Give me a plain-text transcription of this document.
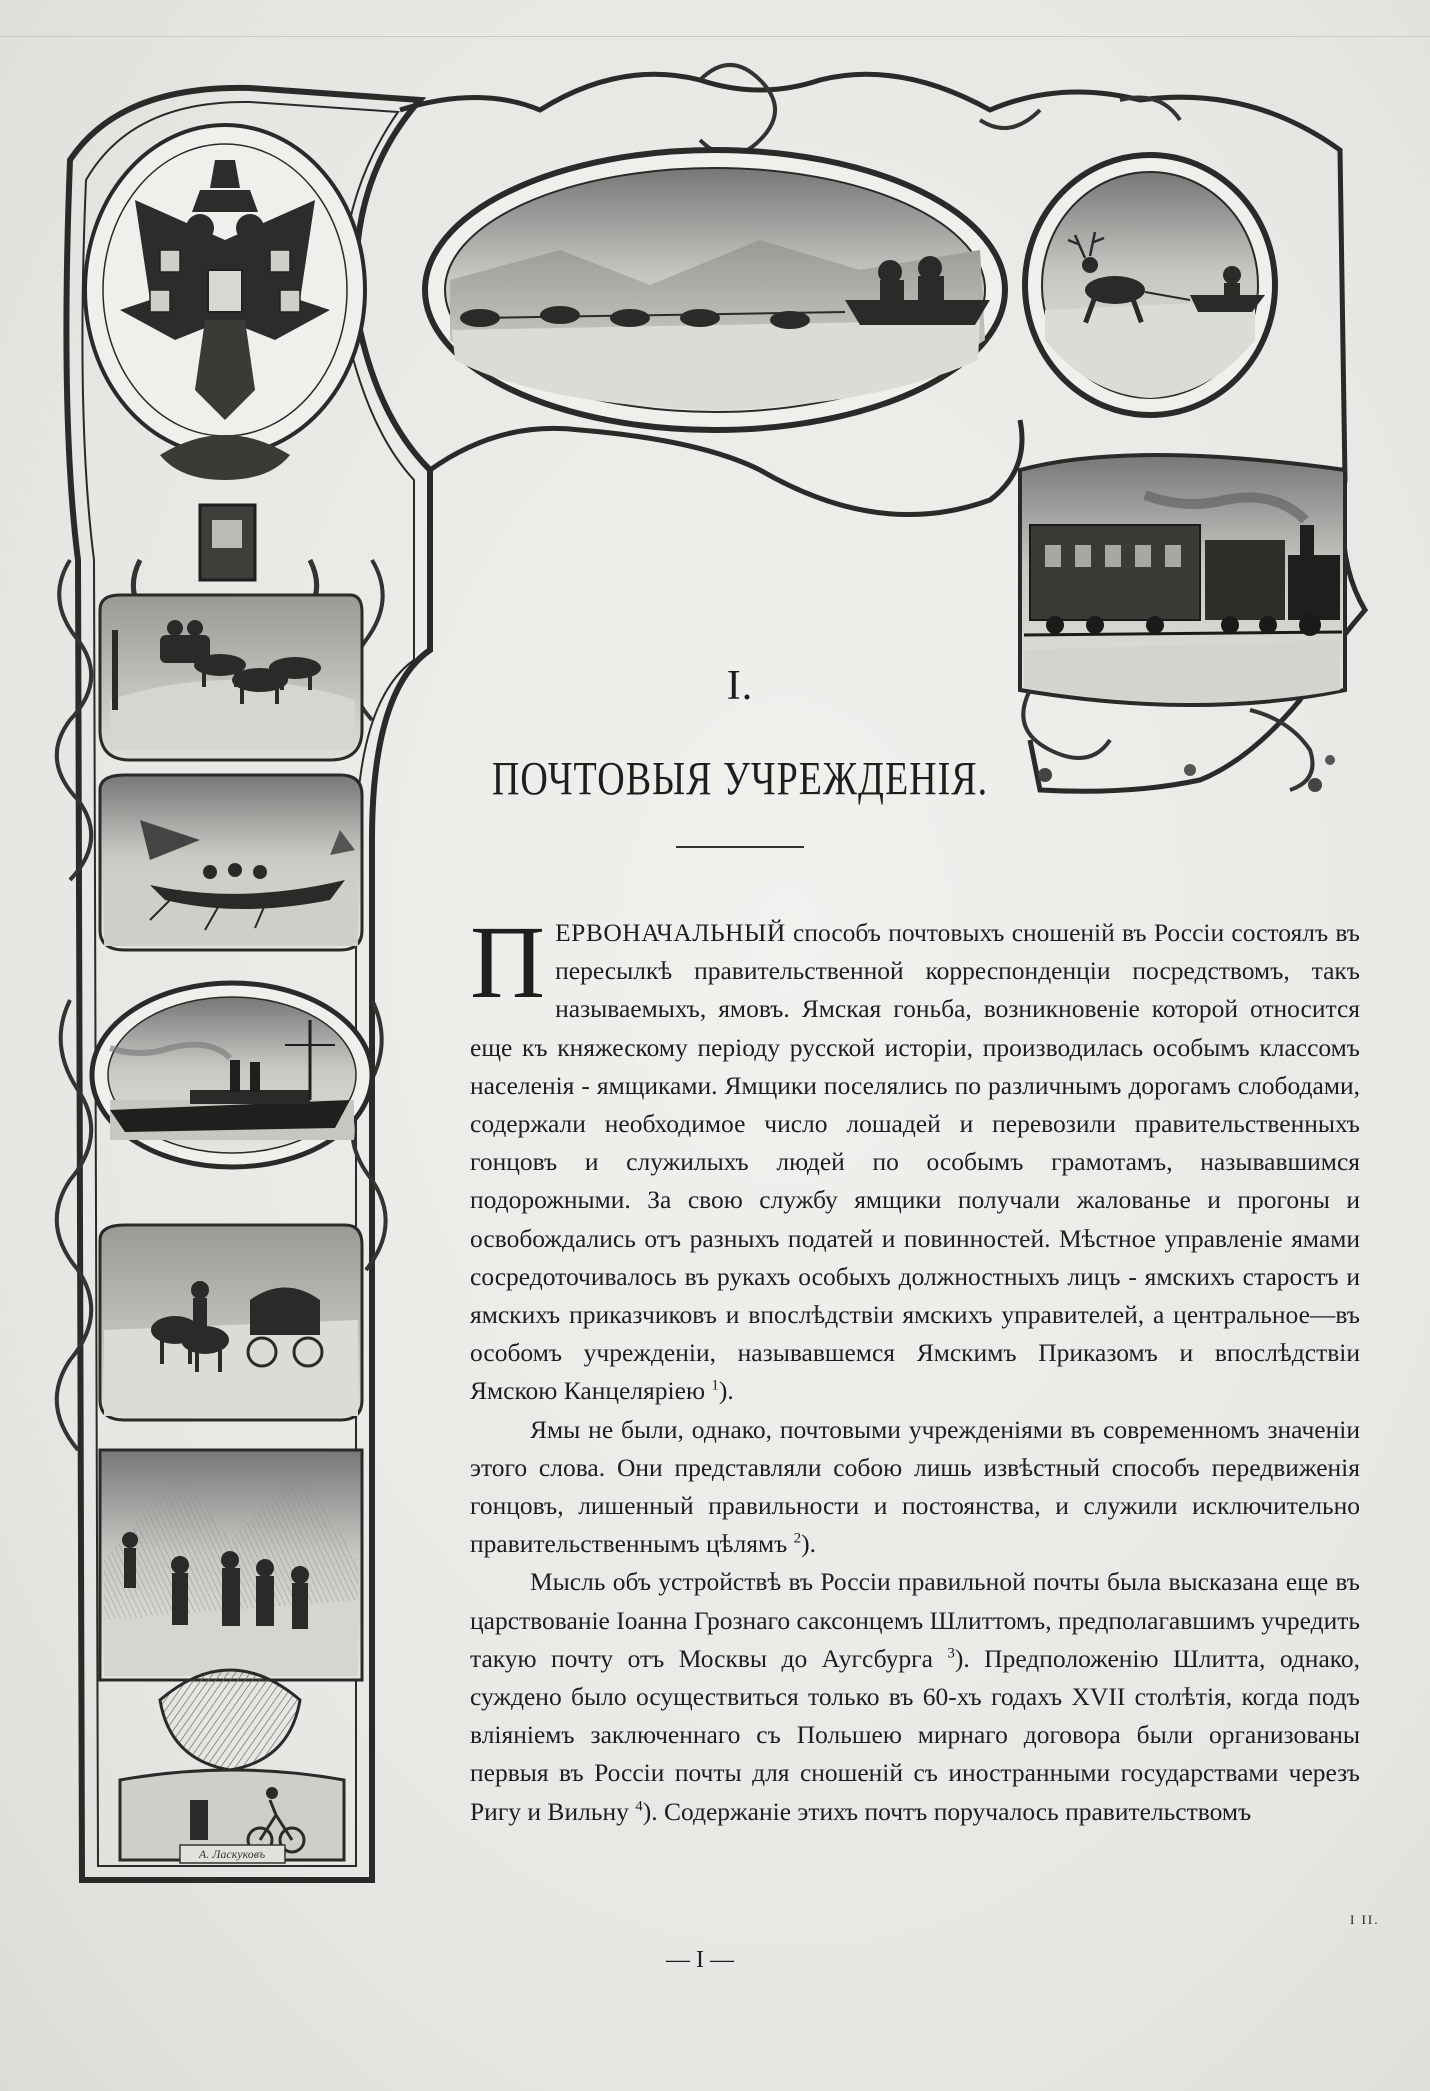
А. Ласкуковъ
I.
ПОЧТОВЫЯ УЧРЕЖДЕНІЯ.

ПЕРВОНАЧАЛЬНЫЙ способъ почтовыхъ сношеній въ Россіи состоялъ въ пересылкѣ правительственной корреспонденціи посредствомъ, такъ называемыхъ, ямовъ. Ямская гоньба, возникновеніе которой относится еще къ княжескому періоду русской исторіи, производилась особымъ классомъ населенія - ямщиками. Ямщики поселялись по различнымъ дорогамъ слободами, содержали необходимое число лошадей и перевозили правительственныхъ гонцовъ и служилыхъ людей по особымъ грамотамъ, называвшимся подорожными. За свою службу ямщики получали жалованье и прогоны и освобождались отъ разныхъ податей и повинностей. Мѣстное управленіе ямами сосредоточивалось въ рукахъ особыхъ должностныхъ лицъ - ямскихъ старостъ и ямскихъ приказчиковъ и впослѣдствіи ямскихъ управителей, а центральное—въ особомъ учрежденіи, называвшемся Ямскимъ Приказомъ и впослѣдствіи Ямскою Канцеляріею $^1$).

Ямы не были, однако, почтовыми учрежденіями въ современномъ значеніи этого слова. Они представляли собою лишь извѣстный способъ передвиженія гонцовъ, лишенный правильности и постоянства, и служили исключительно правительственнымъ цѣлямъ $^2$).

Мысль объ устройствѣ въ Россіи правильной почты была высказана еще въ царствованіе Іоанна Грознаго саксонцемъ Шлиттомъ, предполагавшимъ учредить такую почту отъ Москвы до Аугсбурга $^3$). Предположенію Шлитта, однако, суждено было осуществиться только въ 60-хъ годахъ XVII столѣтія, когда подъ вліяніемъ заключеннаго съ Польшею мирнаго договора были организованы первыя въ Россіи почты для сношеній съ иностранными государствами черезъ Ригу и Вильну $^4$). Содержаніе этихъ почтъ поручалось правительствомъ

I II.
— I —
